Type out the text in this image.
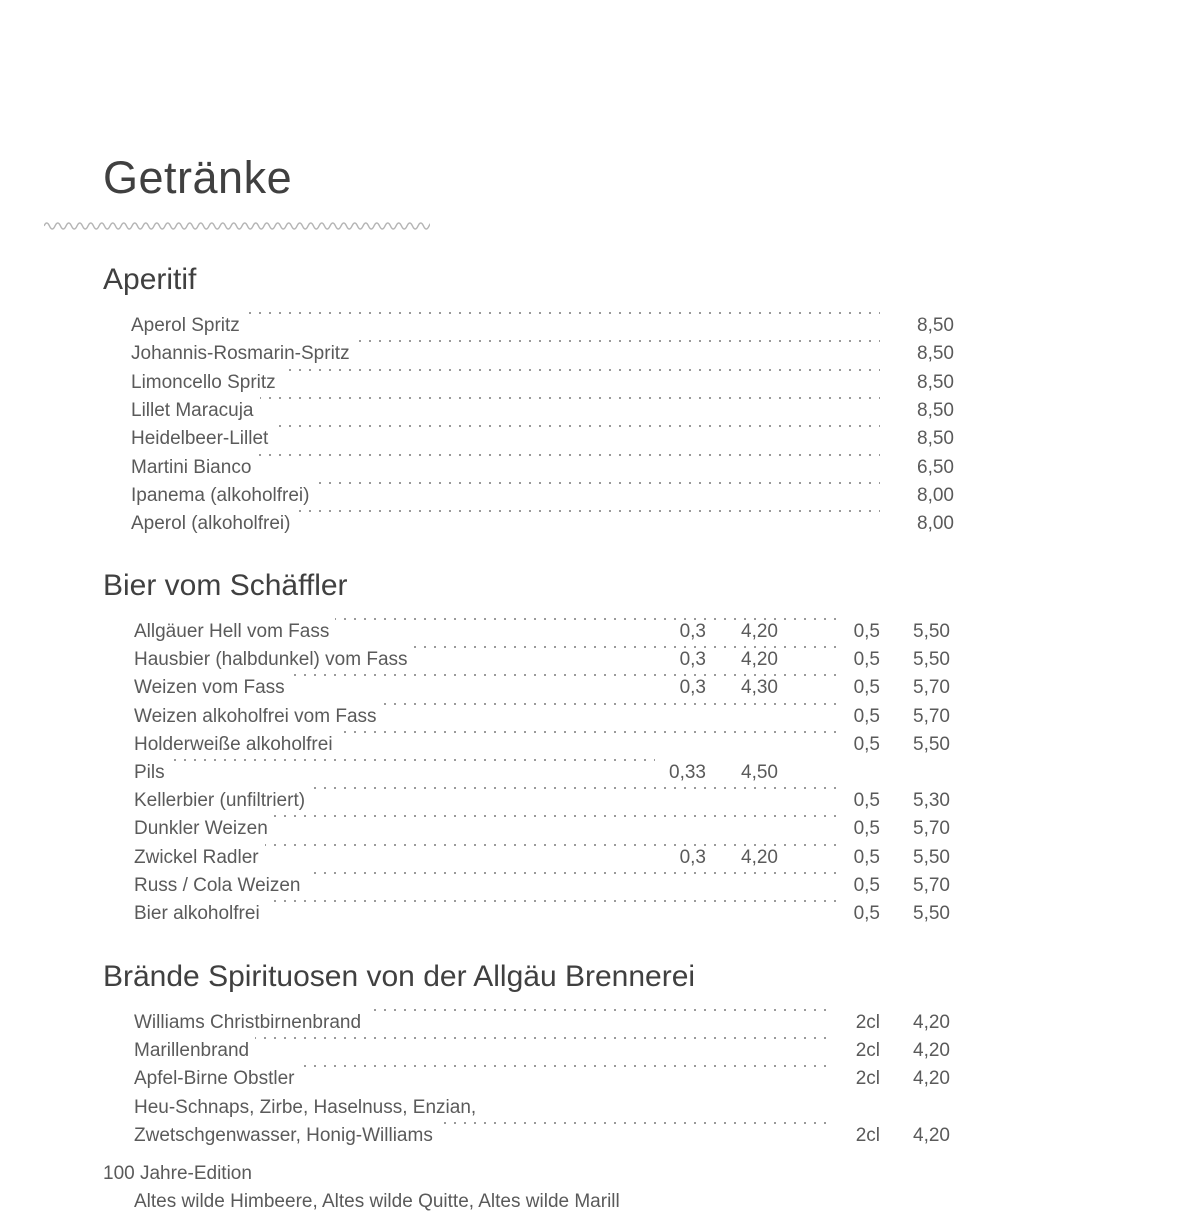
Getränke
Aperitif
Aperol Spritz	8,50
Johannis-Rosmarin-Spritz	8,50
Limoncello Spritz	8,50
Lillet Maracuja	8,50
Heidelbeer-Lillet	8,50
Martini Bianco	6,50
Ipanema (alkoholfrei)	8,00
Aperol (alkoholfrei)	8,00
Bier vom Schäffler
Allgäuer Hell vom Fass	0,3	4,20	0,5	5,50
Hausbier (halbdunkel) vom Fass	0,3	4,20	0,5	5,50
Weizen vom Fass	0,3	4,30	0,5	5,70
Weizen alkoholfrei vom Fass	0,5	5,70
Holderweiße alkoholfrei	0,5	5,50
Pils	0,33	4,50
Kellerbier (unfiltriert)	0,5	5,30
Dunkler Weizen	0,5	5,70
Zwickel Radler	0,3	4,20	0,5	5,50
Russ / Cola Weizen	0,5	5,70
Bier alkoholfrei	0,5	5,50
Brände Spirituosen von der Allgäu Brennerei
Williams Christbirnenbrand	2cl	4,20
Marillenbrand	2cl	4,20
Apfel-Birne Obstler	2cl	4,20
Heu-Schnaps, Zirbe, Haselnuss, Enzian,
Zwetschgenwasser, Honig-Williams	2cl	4,20
100 Jahre-Edition
Altes wilde Himbeere, Altes wilde Quitte, Altes wilde Marill
